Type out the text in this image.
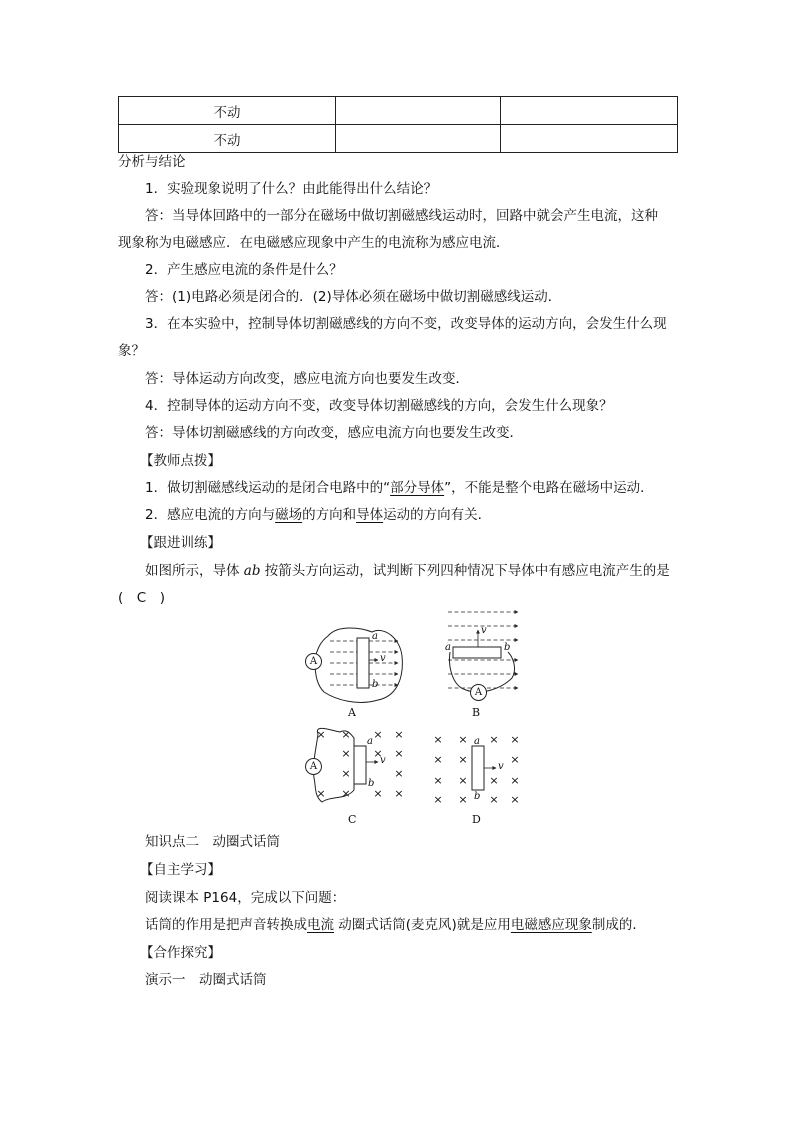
不动		
不动		
分析与结论
1．实验现象说明了什么？由此能得出什么结论？
答：当导体回路中的一部分在磁场中做切割磁感线运动时，回路中就会产生电流，这种
现象称为电磁感应．在电磁感应现象中产生的电流称为感应电流．
2．产生感应电流的条件是什么？
答：(1)电路必须是闭合的．(2)导体必须在磁场中做切割磁感线运动．
3．在本实验中，控制导体切割磁感线的方向不变，改变导体的运动方向，会发生什么现
象？
答：导体运动方向改变，感应电流方向也要发生改变．
4．控制导体的运动方向不变，改变导体切割磁感线的方向，会发生什么现象？
答：导体切割磁感线的方向改变，感应电流方向也要发生改变．
【教师点拨】
1．做切割磁感线运动的是闭合电路中的“部分导体”，不能是整个电路在磁场中运动．
2．感应电流的方向与磁场的方向和导体运动的方向有关．
【跟进训练】
如图所示，导体 ab 按箭头方向运动，试判断下列四种情况下导体中有感应电流产生的是
(　C　)
A
A
A
a
b
v
a	b
v
a
b
v
a
b
v
× × × ×
× × ×
×	×
× × × ×
× × × ×
× ×	×
× × × ×
× × × ×
A	B
C	D
知识点二　动圈式话筒
【自主学习】
阅读课本 P164，完成以下问题：
话筒的作用是把声音转换成电流 动圈式话筒(麦克风)就是应用电磁感应现象制成的．
【合作探究】
演示一　动圈式话筒
